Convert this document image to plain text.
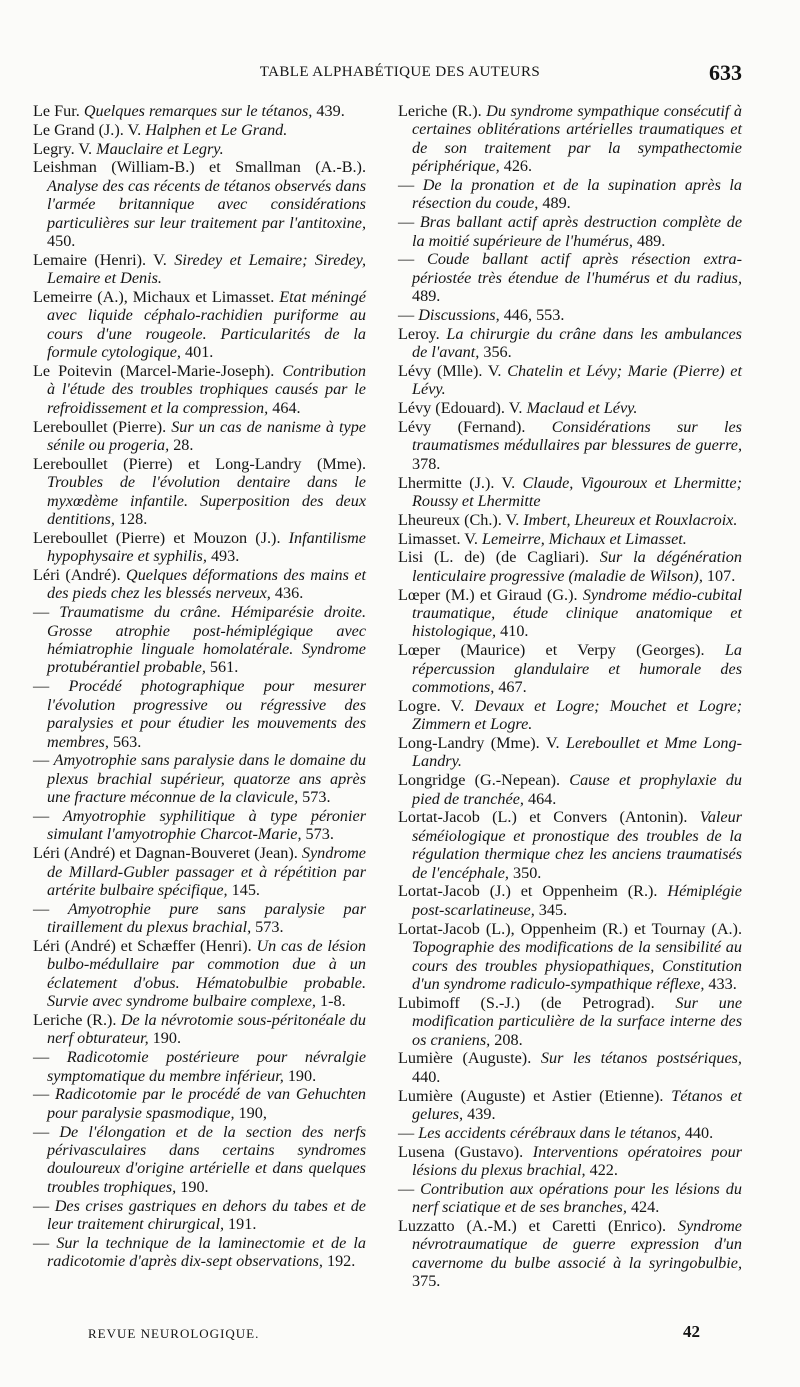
TABLE ALPHABÉTIQUE DES AUTEURS	633

Le Fur. Quelques remarques sur le tétanos, 439.

Le Grand (J.). V. Halphen et Le Grand.

Legry. V. Mauclaire et Legry.

Leishman (William-B.) et Smallman (A.-B.). Analyse des cas récents de tétanos observés dans l'armée britannique avec considérations particulières sur leur traitement par l'antitoxine, 450.

Lemaire (Henri). V. Siredey et Lemaire; Siredey, Lemaire et Denis.

Lemeirre (A.), Michaux et Limasset. Etat méningé avec liquide céphalo-rachidien puriforme au cours d'une rougeole. Particularités de la formule cytologique, 401.

Le Poitevin (Marcel-Marie-Joseph). Contribution à l'étude des troubles trophiques causés par le refroidissement et la compression, 464.

Lereboullet (Pierre). Sur un cas de nanisme à type sénile ou progeria, 28.

Lereboullet (Pierre) et Long-Landry (Mme). Troubles de l'évolution dentaire dans le myxœdème infantile. Superposition des deux dentitions, 128.

Lereboullet (Pierre) et Mouzon (J.). Infantilisme hypophysaire et syphilis, 493.

Léri (André). Quelques déformations des mains et des pieds chez les blessés nerveux, 436.

— Traumatisme du crâne. Hémiparésie droite. Grosse atrophie post-hémiplégique avec hémiatrophie linguale homolatérale. Syndrome protubérantiel probable, 561.

— Procédé photographique pour mesurer l'évolution progressive ou régressive des paralysies et pour étudier les mouvements des membres, 563.

— Amyotrophie sans paralysie dans le domaine du plexus brachial supérieur, quatorze ans après une fracture méconnue de la clavicule, 573.

— Amyotrophie syphilitique à type péronier simulant l'amyotrophie Charcot-Marie, 573.

Léri (André) et Dagnan-Bouveret (Jean). Syndrome de Millard-Gubler passager et à répétition par artérite bulbaire spécifique, 145.

— Amyotrophie pure sans paralysie par tiraillement du plexus brachial, 573.

Léri (André) et Schæffer (Henri). Un cas de lésion bulbo-médullaire par commotion due à un éclatement d'obus. Hématobulbie probable. Survie avec syndrome bulbaire complexe, 1-8.

Leriche (R.). De la névrotomie sous-péritonéale du nerf obturateur, 190.

— Radicotomie postérieure pour névralgie symptomatique du membre inférieur, 190.

— Radicotomie par le procédé de van Gehuchten pour paralysie spasmodique, 190,

— De l'élongation et de la section des nerfs périvasculaires dans certains syndromes douloureux d'origine artérielle et dans quelques troubles trophiques, 190.

— Des crises gastriques en dehors du tabes et de leur traitement chirurgical, 191.

— Sur la technique de la laminectomie et de la radicotomie d'après dix-sept observations, 192.

Leriche (R.). Du syndrome sympathique consécutif à certaines oblitérations artérielles traumatiques et de son traitement par la sympathectomie périphérique, 426.

— De la pronation et de la supination après la résection du coude, 489.

— Bras ballant actif après destruction complète de la moitié supérieure de l'humérus, 489.

— Coude ballant actif après résection extra-périostée très étendue de l'humérus et du radius, 489.

— Discussions, 446, 553.

Leroy. La chirurgie du crâne dans les ambulances de l'avant, 356.

Lévy (Mlle). V. Chatelin et Lévy; Marie (Pierre) et Lévy.

Lévy (Edouard). V. Maclaud et Lévy.

Lévy (Fernand). Considérations sur les traumatismes médullaires par blessures de guerre, 378.

Lhermitte (J.). V. Claude, Vigouroux et Lhermitte; Roussy et Lhermitte

Lheureux (Ch.). V. Imbert, Lheureux et Rouxlacroix.

Limasset. V. Lemeirre, Michaux et Limasset.

Lisi (L. de) (de Cagliari). Sur la dégénération lenticulaire progressive (maladie de Wilson), 107.

Lœper (M.) et Giraud (G.). Syndrome médio-cubital traumatique, étude clinique anatomique et histologique, 410.

Lœper (Maurice) et Verpy (Georges). La répercussion glandulaire et humorale des commotions, 467.

Logre. V. Devaux et Logre; Mouchet et Logre; Zimmern et Logre.

Long-Landry (Mme). V. Lereboullet et Mme Long-Landry.

Longridge (G.-Nepean). Cause et prophylaxie du pied de tranchée, 464.

Lortat-Jacob (L.) et Convers (Antonin). Valeur séméiologique et pronostique des troubles de la régulation thermique chez les anciens traumatisés de l'encéphale, 350.

Lortat-Jacob (J.) et Oppenheim (R.). Hémiplégie post-scarlatineuse, 345.

Lortat-Jacob (L.), Oppenheim (R.) et Tournay (A.). Topographie des modifications de la sensibilité au cours des troubles physiopathiques, Constitution d'un syndrome radiculo-sympathique réflexe, 433.

Lubimoff (S.-J.) (de Petrograd). Sur une modification particulière de la surface interne des os craniens, 208.

Lumière (Auguste). Sur les tétanos postsériques, 440.

Lumière (Auguste) et Astier (Etienne). Tétanos et gelures, 439.

— Les accidents cérébraux dans le tétanos, 440.

Lusena (Gustavo). Interventions opératoires pour lésions du plexus brachial, 422.

— Contribution aux opérations pour les lésions du nerf sciatique et de ses branches, 424.

Luzzatto (A.-M.) et Caretti (Enrico). Syndrome névrotraumatique de guerre expression d'un cavernome du bulbe associé à la syringobulbie, 375.

REVUE NEUROLOGIQUE.	42
